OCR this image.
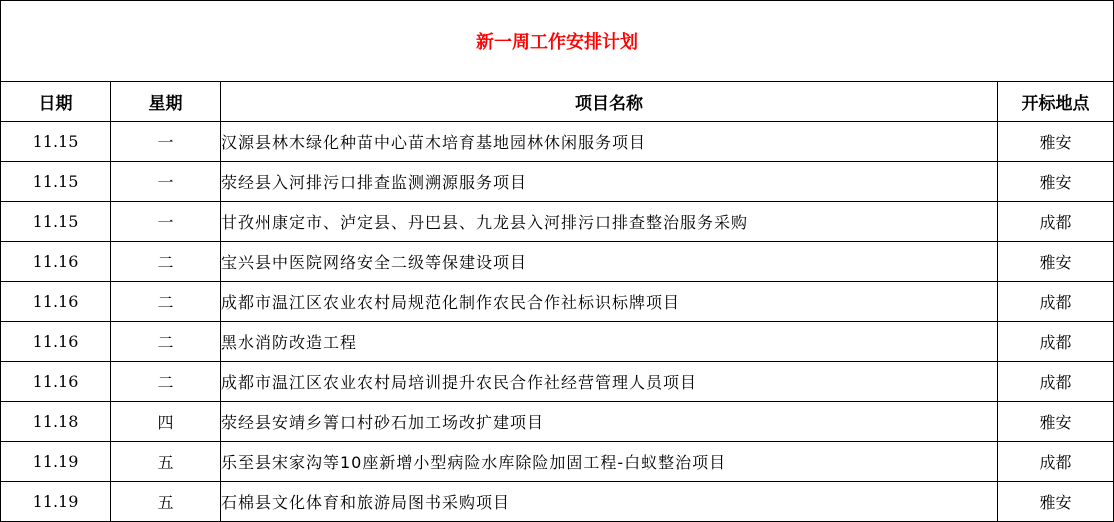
新一周工作安排计划			
日期	星期	项目名称	开标地点
11.15	一	汉源县林木绿化种苗中心苗木培育基地园林休闲服务项目	雅安
11.15	一	荥经县入河排污口排查监测溯源服务项目	雅安
11.15	一	甘孜州康定市、泸定县、丹巴县、九龙县入河排污口排查整治服务采购	成都
11.16	二	宝兴县中医院网络安全二级等保建设项目	雅安
11.16	二	成都市温江区农业农村局规范化制作农民合作社标识标牌项目	成都
11.16	二	黑水消防改造工程	成都
11.16	二	成都市温江区农业农村局培训提升农民合作社经营管理人员项目	成都
11.18	四	荥经县安靖乡箐口村砂石加工场改扩建项目	雅安
11.19	五	乐至县宋家沟等10座新增小型病险水库除险加固工程-白蚁整治项目	成都
11.19	五	石棉县文化体育和旅游局图书采购项目	雅安
